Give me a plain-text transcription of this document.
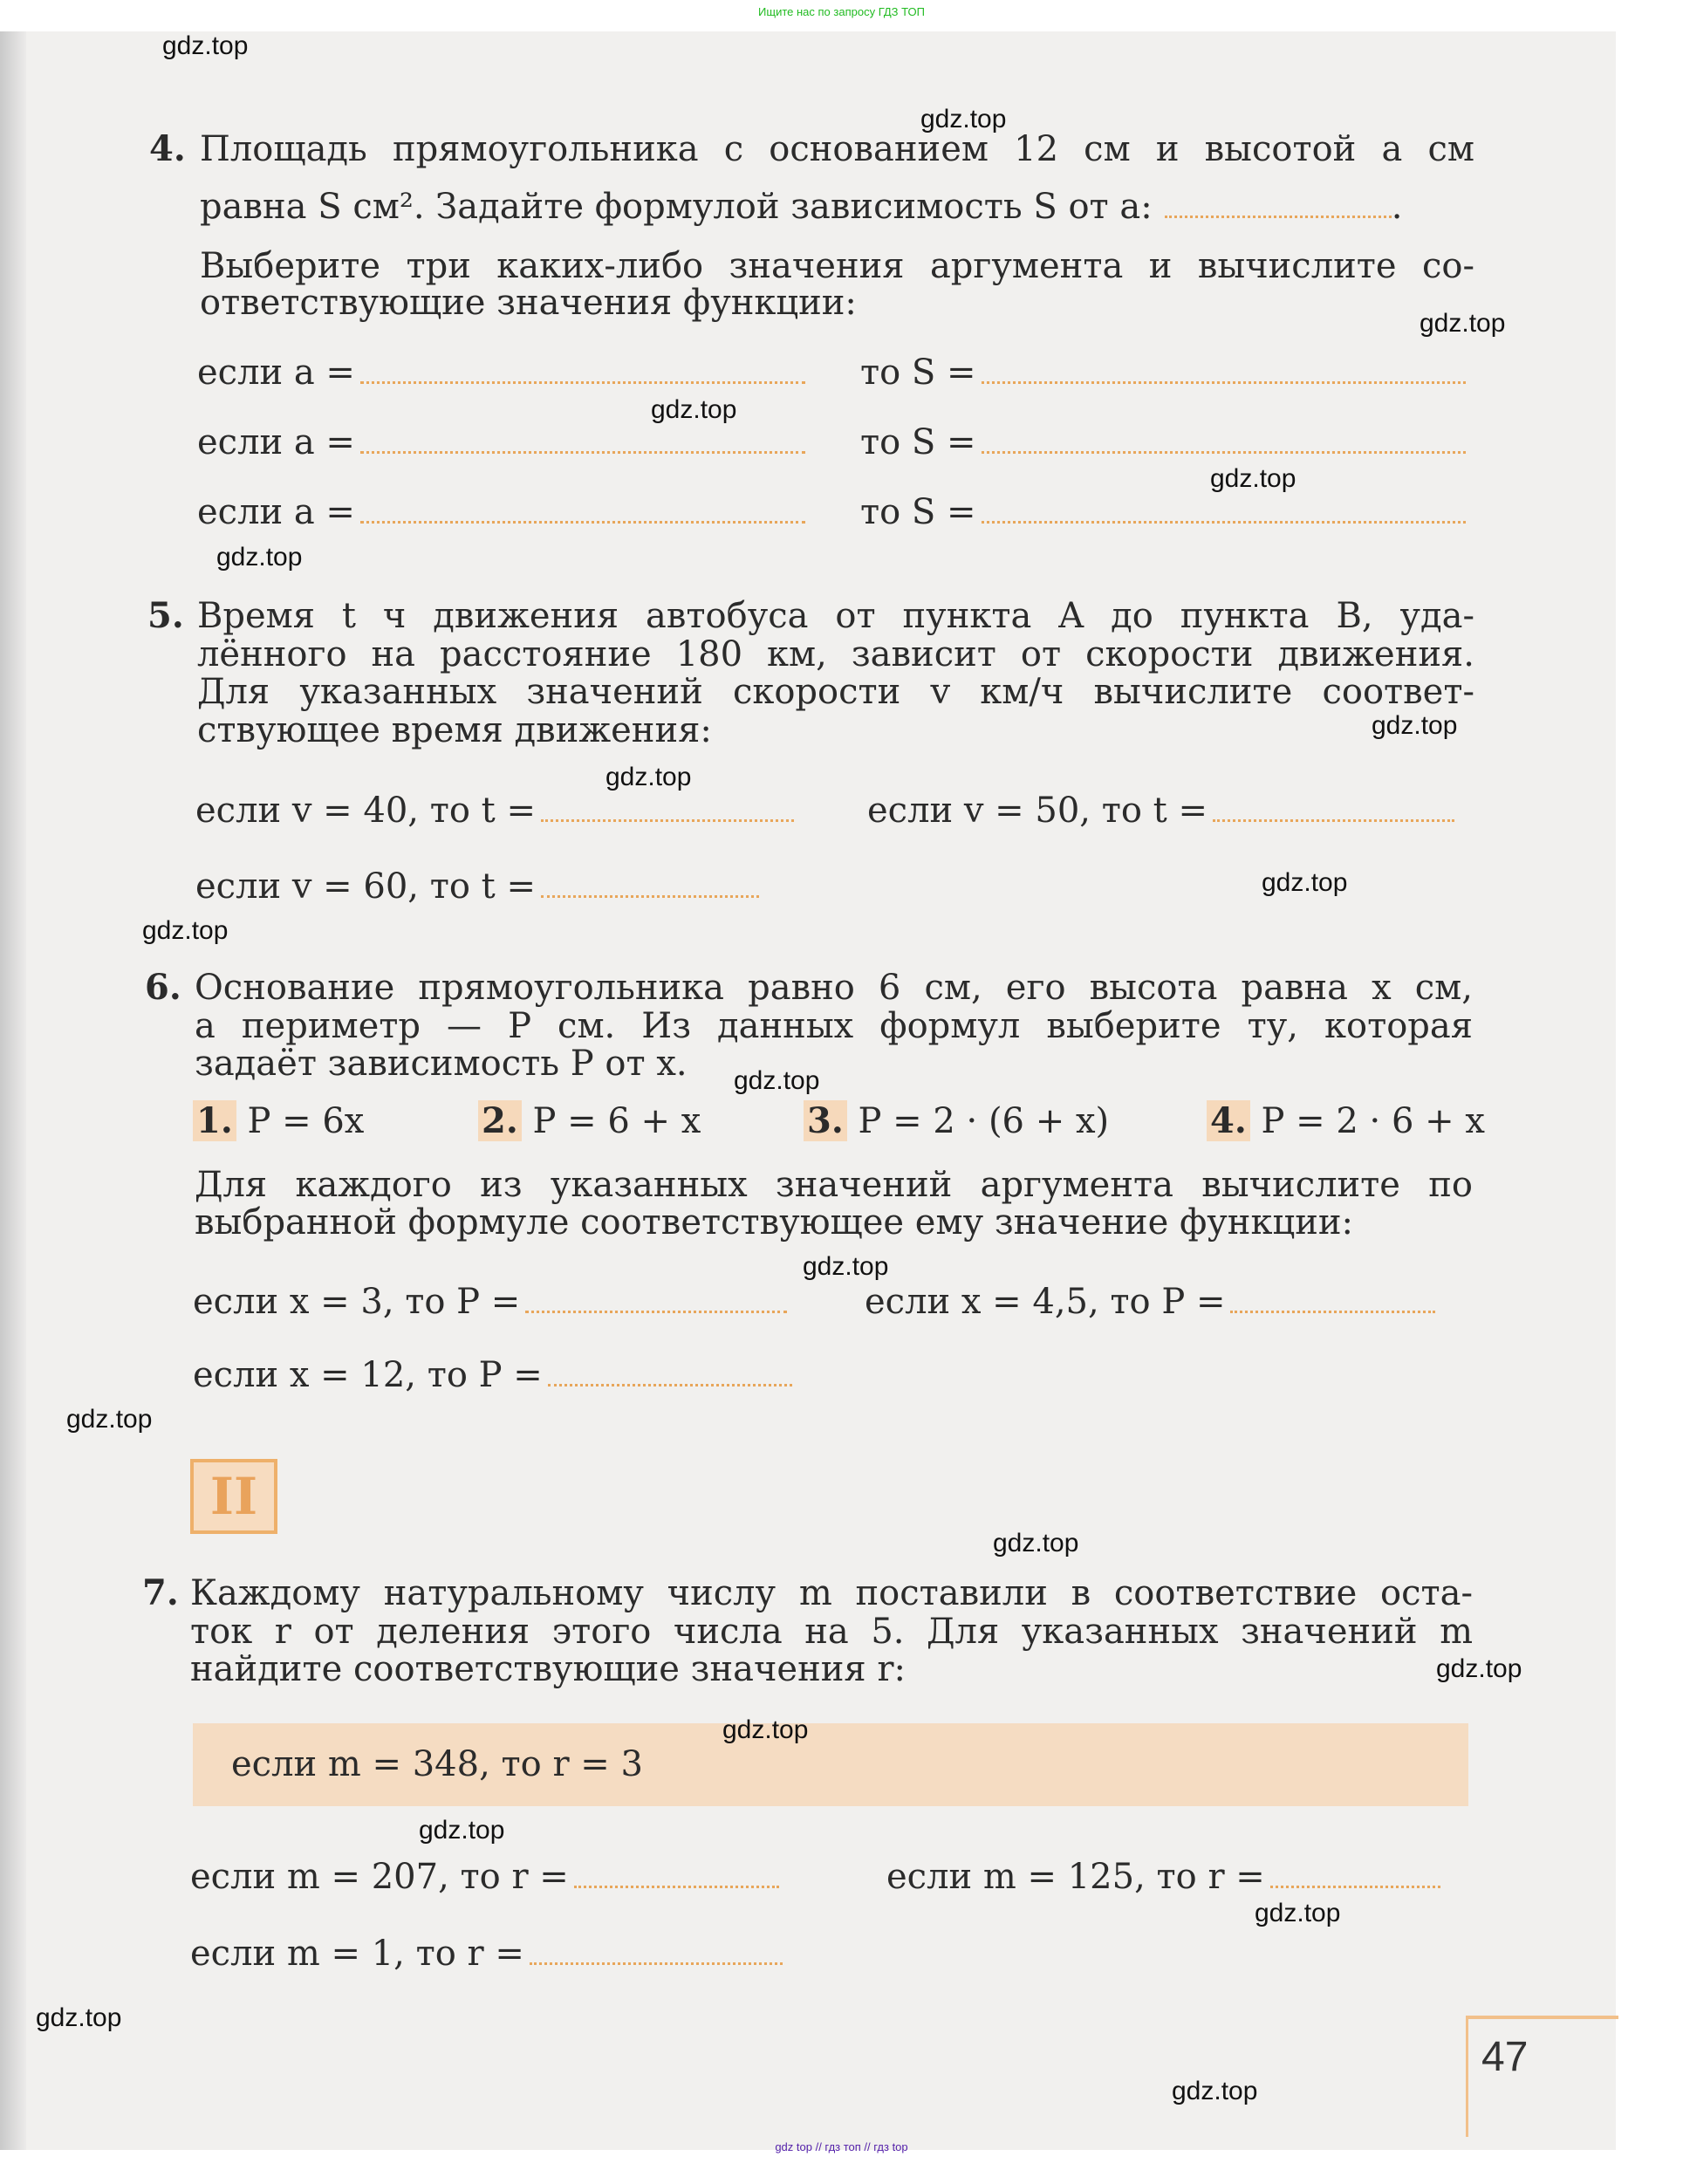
Ищите нас по запросу ГДЗ ТОП
4. Площадь прямоугольника с основанием 12 см и высотой a см
равна S см². Задайте формулой зависимость S от a:	.
Выберите три каких-либо значения аргумента и вычислите со-
ответствующие значения функции:
если a =	то S =
если a =	то S =
если a =	то S =
5. Время t ч движения автобуса от пункта A до пункта B, уда-
лённого на расстояние 180 км, зависит от скорости движения.
Для указанных значений скорости v км/ч вычислите соответ-
ствующее время движения:
если v = 40, то t =	если v = 50, то t =
если v = 60, то t =
6. Основание прямоугольника равно 6 см, его высота равна x см,
а периметр — P см. Из данных формул выберите ту, которая
задаёт зависимость P от x.
1. P = 6x	2. P = 6 + x	3. P = 2 · (6 + x)	4. P = 2 · 6 + x
Для каждого из указанных значений аргумента вычислите по
выбранной формуле соответствующее ему значение функции:
если x = 3, то P =	если x = 4,5, то P =
если x = 12, то P =
II
7. Каждому натуральному числу m поставили в соответствие оста-
ток r от деления этого числа на 5. Для указанных значений m
найдите соответствующие значения r:
если m = 348, то r = 3
если m = 207, то r =	если m = 125, то r =
если m = 1, то r =
47
gdz.top
gdz.top
gdz.top
gdz.top
gdz.top
gdz.top
gdz.top
gdz.top
gdz.top
gdz.top
gdz.top
gdz.top
gdz.top
gdz.top
gdz.top
gdz.top
gdz.top
gdz.top
gdz.top
gdz.top
gdz top // гдз топ // гдз top
